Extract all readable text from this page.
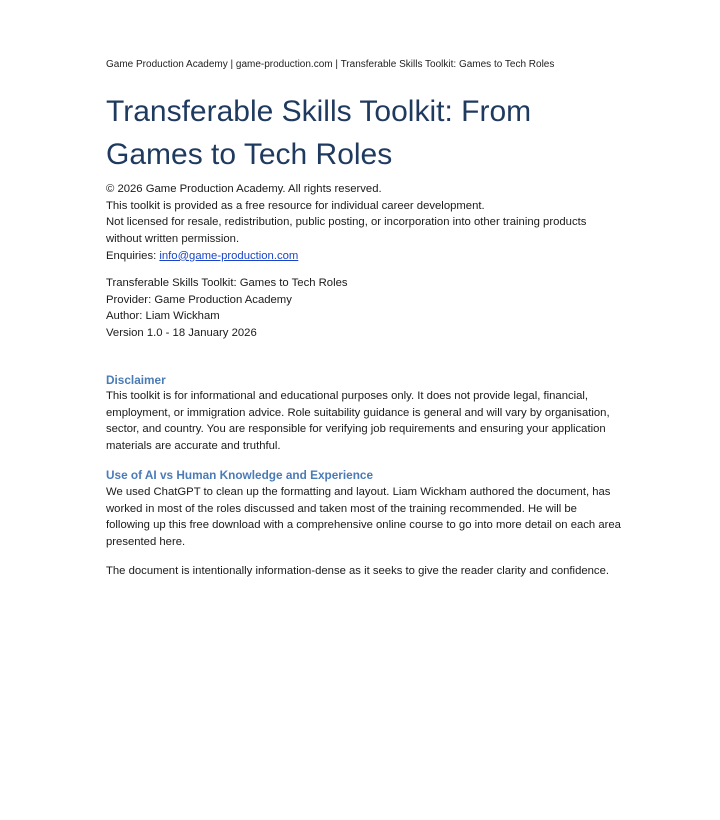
Game Production Academy | game-production.com | Transferable Skills Toolkit: Games to Tech Roles
Transferable Skills Toolkit: From Games to Tech Roles

© 2026 Game Production Academy. All rights reserved.

This toolkit is provided as a free resource for individual career development.

Not licensed for resale, redistribution, public posting, or incorporation into other training products without written permission.

Enquiries: info@game-production.com

Transferable Skills Toolkit: Games to Tech Roles

Provider: Game Production Academy

Author: Liam Wickham

Version 1.0 - 18 January 2026

Disclaimer

This toolkit is for informational and educational purposes only. It does not provide legal, financial, employment, or immigration advice. Role suitability guidance is general and will vary by organisation, sector, and country. You are responsible for verifying job requirements and ensuring your application materials are accurate and truthful.

Use of AI vs Human Knowledge and Experience

We used ChatGPT to clean up the formatting and layout. Liam Wickham authored the document, has worked in most of the roles discussed and taken most of the training recommended. He will be following up this free download with a comprehensive online course to go into more detail on each area presented here.

The document is intentionally information-dense as it seeks to give the reader clarity and confidence.
